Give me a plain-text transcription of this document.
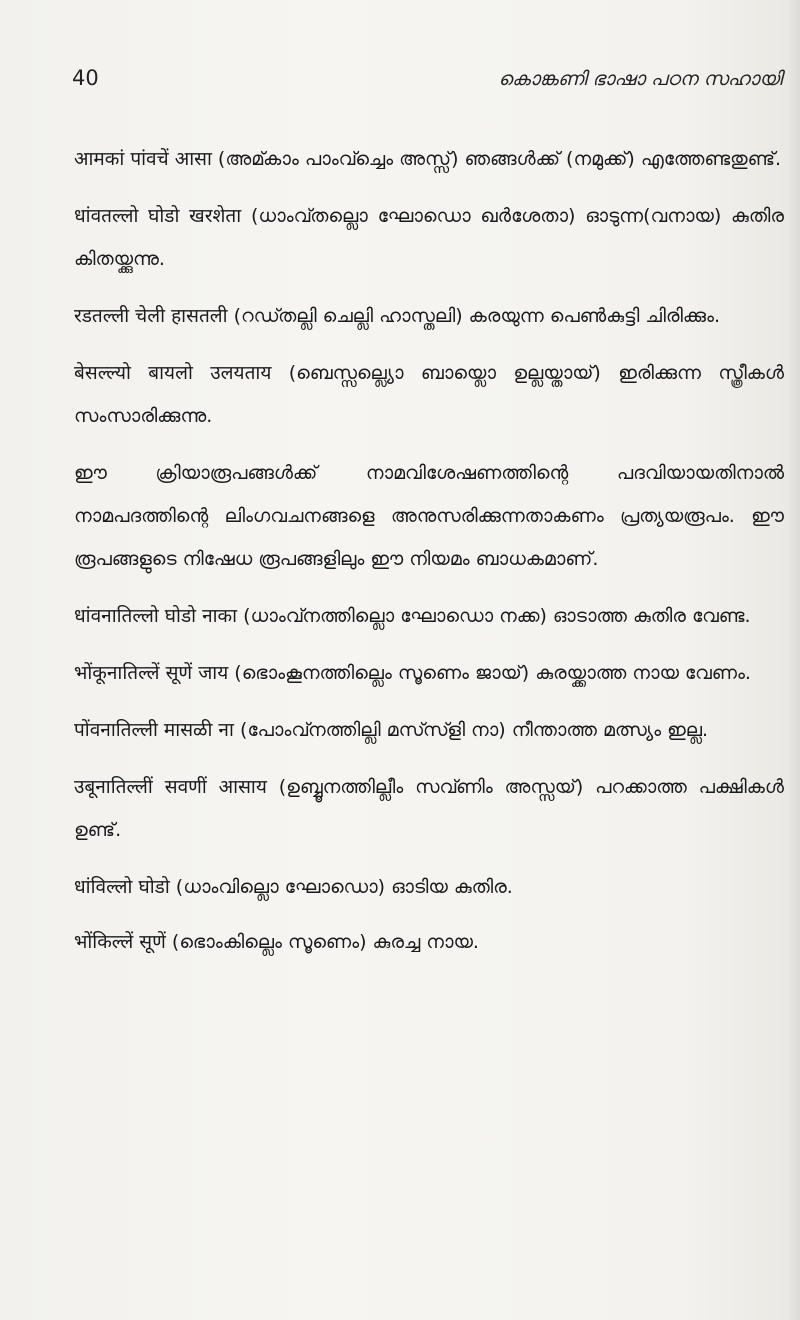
40	കൊങ്കണി ഭാഷാ പഠന സഹായി

आमकां पांवचें आसा (അമ്കാം പാംവ്ച്ചെം അസ്സ്) ഞങ്ങൾക്ക് (നമുക്ക്) എത്തേണ്ടതുണ്ട്.

धांवतल्लो घोडो खरशेता (ധാംവ്തല്ലൊ ഘോഡൊ ഖർശേതാ) ഓടുന്ന(വനായ) കുതിര കിതയ്ക്കുന്നു.

रडतल्ली चेली हासतली (റഡ്തല്ലി ചെല്ലി ഹാസ്തലി) കരയുന്ന പെൺകുട്ടി ചിരിക്കും.

बेसल्ल्यो बायलो उलयताय (ബെസ്സല്ല്യൊ ബായ്ലൊ ഉല്ലയ്തായ്) ഇരിക്കുന്ന സ്ത്രീകൾ സംസാരിക്കുന്നു.

ഈ ക്രിയാരൂപങ്ങൾക്ക് നാമവിശേഷണത്തിന്റെ പദവിയായതിനാൽ നാമപദത്തിന്റെ ലിംഗവചനങ്ങളെ അനുസരിക്കുന്നതാകണം പ്രത്യയരൂപം. ഈ രൂപങ്ങളുടെ നിഷേധ രൂപങ്ങളിലും ഈ നിയമം ബാധകമാണ്.

धांवनातिल्लो घोडो नाका (ധാംവ്നത്തില്ലൊ ഘോഡൊ നക്ക) ഓടാത്ത കുതിര വേണ്ട.

भोंकूनातिल्लें सूणें जाय (ഭൊംകൂനത്തില്ലെം സൂണെം ജായ്) കുരയ്ക്കാത്ത നായ വേണം.

पोंवनातिल्ली मासळी ना (പോംവ്നത്തില്ലി മസ്സ്ളി നാ) നീന്താത്ത മത്സ്യം ഇല്ല.

उबूनातिल्लीं सवणीं आसाय (ഉബ്ബൂനത്തില്ലീം സവ്ണിം അസ്സയ്) പറക്കാത്ത പക്ഷികൾ ഉണ്ട്.

धांविल्लो घोडो (ധാംവില്ലൊ ഘോഡൊ) ഓടിയ കുതിര.

भोंकिल्लें सूणें (ഭൊംകില്ലെം സൂണെം) കുരച്ച നായ.
